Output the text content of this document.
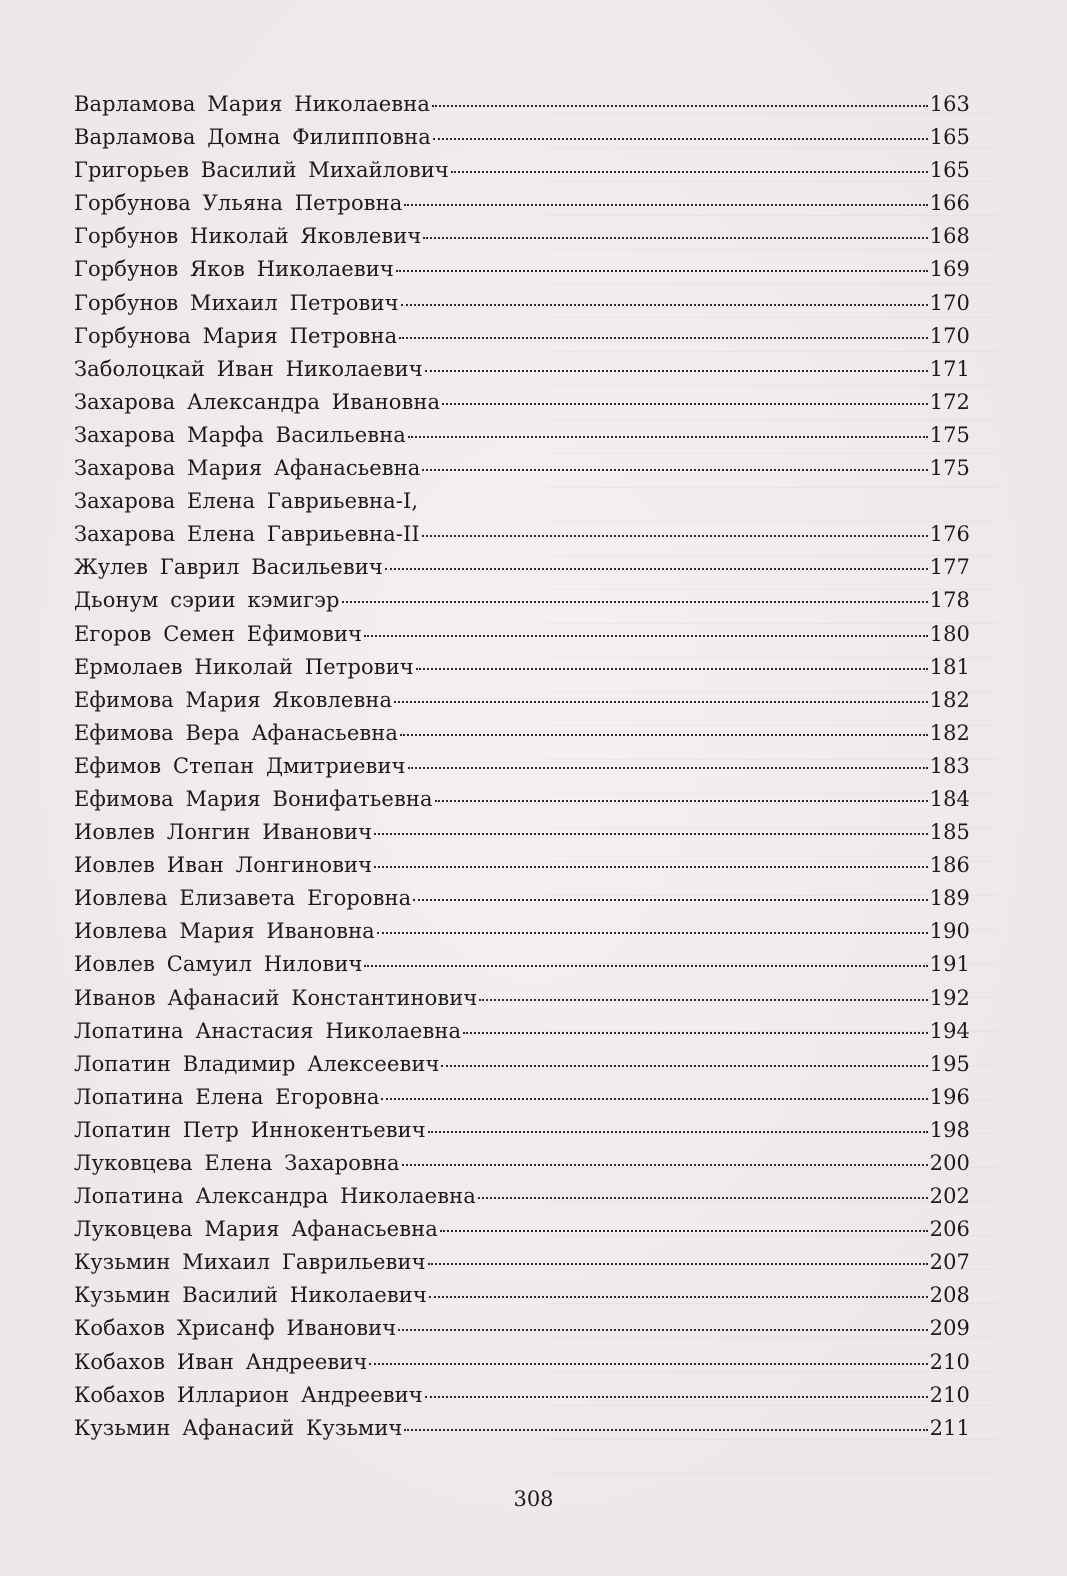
Варламова Мария Николаевна	163
Варламова Домна Филипповна	165
Григорьев Василий Михайлович	165
Горбунова Ульяна Петровна	166
Горбунов Николай Яковлевич	168
Горбунов Яков Николаевич	169
Горбунов Михаил Петрович	170
Горбунова Мария Петровна	170
Заболоцкай Иван Николаевич	171
Захарова Александра Ивановна	172
Захарова Марфа Васильевна	175
Захарова Мария Афанасьевна	175
Захарова Елена Гавриьевна-I,
Захарова Елена Гавриьевна-II	176
Жулев Гаврил Васильевич	177
Дьонум сэрии кэмигэр	178
Егоров Семен Ефимович	180
Ермолаев Николай Петрович	181
Ефимова Мария Яковлевна	182
Ефимова Вера Афанасьевна	182
Ефимов Степан Дмитриевич	183
Ефимова Мария Вонифатьевна	184
Иовлев Лонгин Иванович	185
Иовлев Иван Лонгинович	186
Иовлева Елизавета Егоровна	189
Иовлева Мария Ивановна	190
Иовлев Самуил Нилович	191
Иванов Афанасий Константинович	192
Лопатина Анастасия Николаевна	194
Лопатин Владимир Алексеевич	195
Лопатина Елена Егоровна	196
Лопатин Петр Иннокентьевич	198
Луковцева Елена Захаровна	200
Лопатина Александра Николаевна	202
Луковцева Мария Афанасьевна	206
Кузьмин Михаил Гаврильевич	207
Кузьмин Василий Николаевич	208
Кобахов Хрисанф Иванович	209
Кобахов Иван Андреевич	210
Кобахов Илларион Андреевич	210
Кузьмин Афанасий Кузьмич	211
308
